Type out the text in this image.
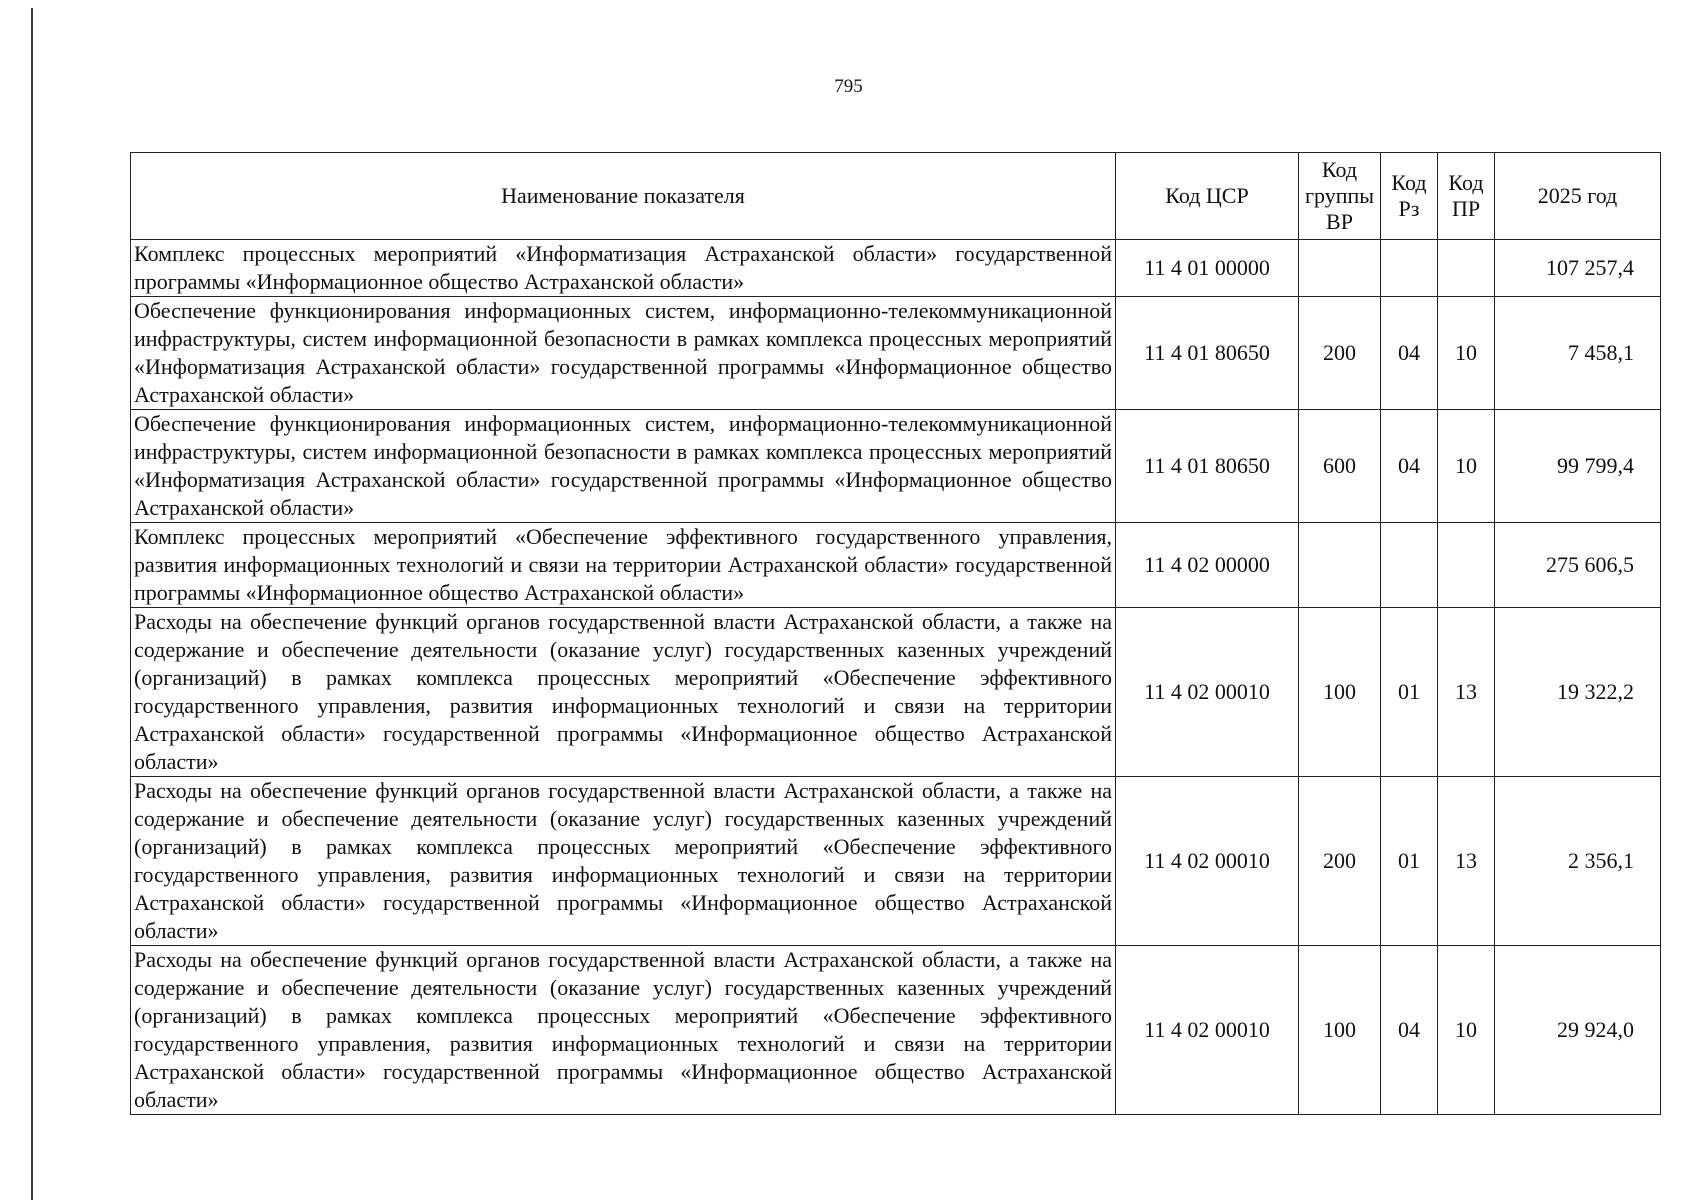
795
Наименование показателя	Код ЦСР	Код группы ВР	Код Рз	Код ПР	2025 год
Комплекс процессных мероприятий «Информатизация Астраханской области» государственной программы «Информационное общество Астраханской области»	11 4 01 00000				107 257,4
Обеспечение функционирования информационных систем, информационно-телекоммуникационной инфраструктуры, систем информационной безопасности в рамках комплекса процессных мероприятий «Информатизация Астраханской области» государственной программы «Информационное общество Астраханской области»	11 4 01 80650	200	04	10	7 458,1
Обеспечение функционирования информационных систем, информационно-телекоммуникационной инфраструктуры, систем информационной безопасности в рамках комплекса процессных мероприятий «Информатизация Астраханской области» государственной программы «Информационное общество Астраханской области»	11 4 01 80650	600	04	10	99 799,4
Комплекс процессных мероприятий «Обеспечение эффективного государственного управления, развития информационных технологий и связи на территории Астраханской области» государственной программы «Информационное общество Астраханской области»	11 4 02 00000				275 606,5
Расходы на обеспечение функций органов государственной власти Астраханской области, а также на содержание и обеспечение деятельности (оказание услуг) государственных казенных учреждений (организаций) в рамках комплекса процессных мероприятий «Обеспечение эффективного государственного управления, развития информационных технологий и связи на территории Астраханской области» государственной программы «Информационное общество Астраханской области»	11 4 02 00010	100	01	13	19 322,2
Расходы на обеспечение функций органов государственной власти Астраханской области, а также на содержание и обеспечение деятельности (оказание услуг) государственных казенных учреждений (организаций) в рамках комплекса процессных мероприятий «Обеспечение эффективного государственного управления, развития информационных технологий и связи на территории Астраханской области» государственной программы «Информационное общество Астраханской области»	11 4 02 00010	200	01	13	2 356,1
Расходы на обеспечение функций органов государственной власти Астраханской области, а также на содержание и обеспечение деятельности (оказание услуг) государственных казенных учреждений (организаций) в рамках комплекса процессных мероприятий «Обеспечение эффективного государственного управления, развития информационных технологий и связи на территории Астраханской области» государственной программы «Информационное общество Астраханской области»	11 4 02 00010	100	04	10	29 924,0
